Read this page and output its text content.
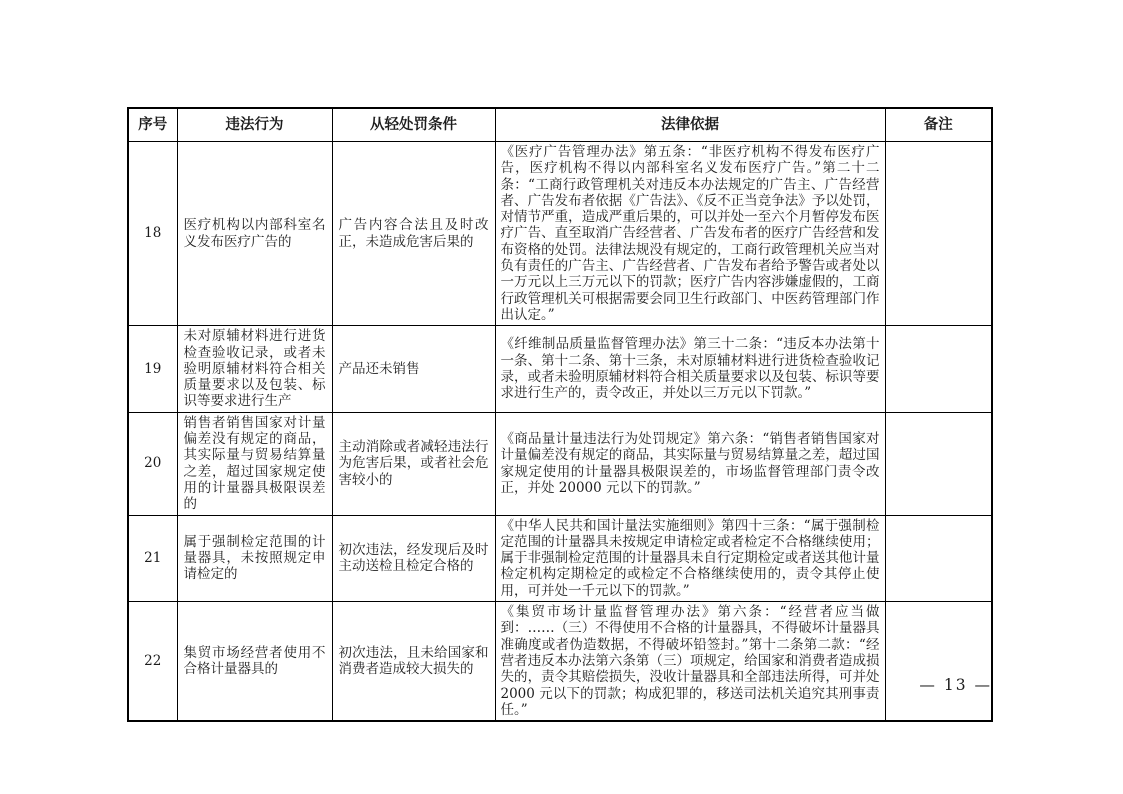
序号	违法行为	从轻处罚条件	法律依据	备注
18	医疗机构以内部科室名义发布医疗广告的	广告内容合法且及时改正，未造成危害后果的	《医疗广告管理办法》第五条：“非医疗机构不得发布医疗广告，医疗机构不得以内部科室名义发布医疗广告。”第二十二条：“工商行政管理机关对违反本办法规定的广告主、广告经营者、广告发布者依据《广告法》、《反不正当竞争法》予以处罚，对情节严重，造成严重后果的，可以并处一至六个月暂停发布医疗广告、直至取消广告经营者、广告发布者的医疗广告经营和发布资格的处罚。法律法规没有规定的，工商行政管理机关应当对负有责任的广告主、广告经营者、广告发布者给予警告或者处以一万元以上三万元以下的罚款；医疗广告内容涉嫌虚假的，工商行政管理机关可根据需要会同卫生行政部门、中医药管理部门作出认定。”	
19	未对原辅材料进行进货检查验收记录，或者未验明原辅材料符合相关质量要求以及包装、标识等要求进行生产	产品还未销售	《纤维制品质量监督管理办法》第三十二条：“违反本办法第十一条、第十二条、第十三条，未对原辅材料进行进货检查验收记录，或者未验明原辅材料符合相关质量要求以及包装、标识等要求进行生产的，责令改正，并处以三万元以下罚款。”	
20	销售者销售国家对计量偏差没有规定的商品，其实际量与贸易结算量之差，超过国家规定使用的计量器具极限误差的	主动消除或者减轻违法行为危害后果，或者社会危害较小的	《商品量计量违法行为处罚规定》第六条：“销售者销售国家对计量偏差没有规定的商品，其实际量与贸易结算量之差，超过国家规定使用的计量器具极限误差的，市场监督管理部门责令改正，并处 20000 元以下的罚款。”	
21	属于强制检定范围的计量器具，未按照规定申请检定的	初次违法，经发现后及时主动送检且检定合格的	《中华人民共和国计量法实施细则》第四十三条：“属于强制检定范围的计量器具未按规定申请检定或者检定不合格继续使用；属于非强制检定范围的计量器具未自行定期检定或者送其他计量检定机构定期检定的或检定不合格继续使用的，责令其停止使用，可并处一千元以下的罚款。”	
22	集贸市场经营者使用不合格计量器具的	初次违法，且未给国家和消费者造成较大损失的	《集贸市场计量监督管理办法》第六条：“经营者应当做到：……（三）不得使用不合格的计量器具，不得破坏计量器具准确度或者伪造数据，不得破坏铅签封。”第十二条第二款：“经营者违反本办法第六条第（三）项规定，给国家和消费者造成损失的，责令其赔偿损失，没收计量器具和全部违法所得，可并处 2000 元以下的罚款；构成犯罪的，移送司法机关追究其刑事责任。”	
— 13 —
